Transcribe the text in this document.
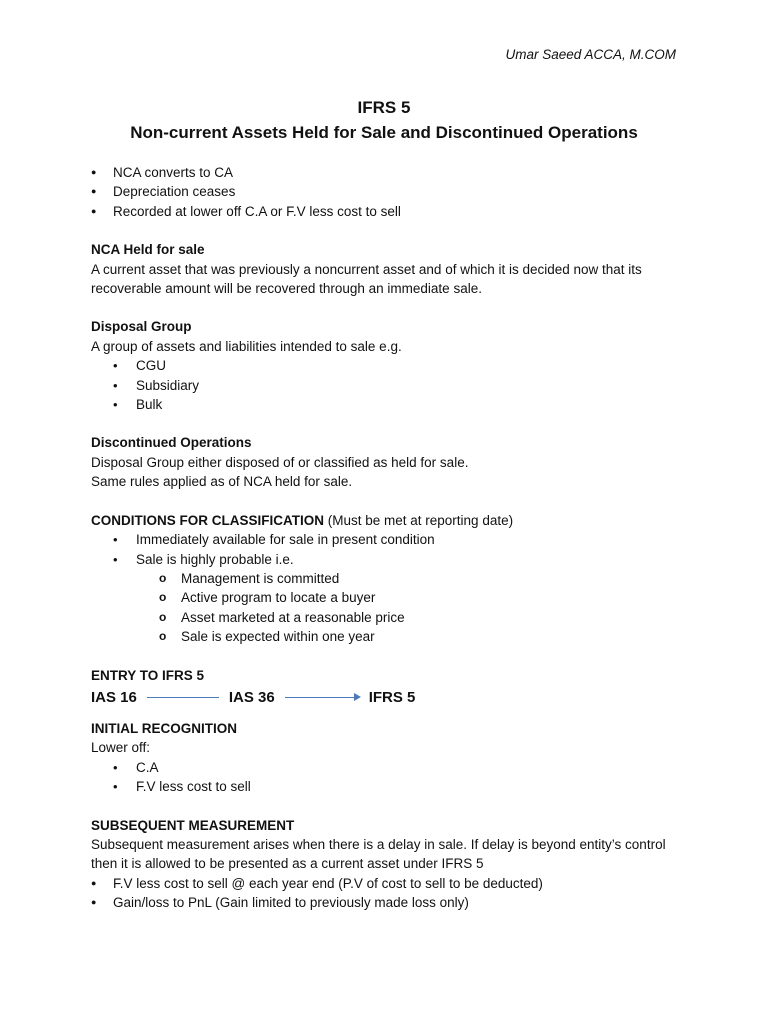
Umar Saeed ACCA, M.COM
IFRS 5
Non-current Assets Held for Sale and Discontinued Operations
● NCA converts to CA
● Depreciation ceases
● Recorded at lower off C.A or F.V less cost to sell
NCA Held for sale
A current asset that was previously a noncurrent asset and of which it is decided now that its
recoverable amount will be recovered through an immediate sale.
Disposal Group
A group of assets and liabilities intended to sale e.g.
• CGU
• Subsidiary
• Bulk
Discontinued Operations
Disposal Group either disposed of or classified as held for sale.
Same rules applied as of NCA held for sale.
CONDITIONS FOR CLASSIFICATION (Must be met at reporting date)
• Immediately available for sale in present condition
• Sale is highly probable i.e.
o Management is committed
o Active program to locate a buyer
o Asset marketed at a reasonable price
o Sale is expected within one year
ENTRY TO IFRS 5
IAS 16	IAS 36	IFRS 5
INITIAL RECOGNITION
Lower off:
• C.A
• F.V less cost to sell
SUBSEQUENT MEASUREMENT
Subsequent measurement arises when there is a delay in sale. If delay is beyond entity’s control
then it is allowed to be presented as a current asset under IFRS 5
● F.V less cost to sell @ each year end (P.V of cost to sell to be deducted)
● Gain/loss to PnL (Gain limited to previously made loss only)
